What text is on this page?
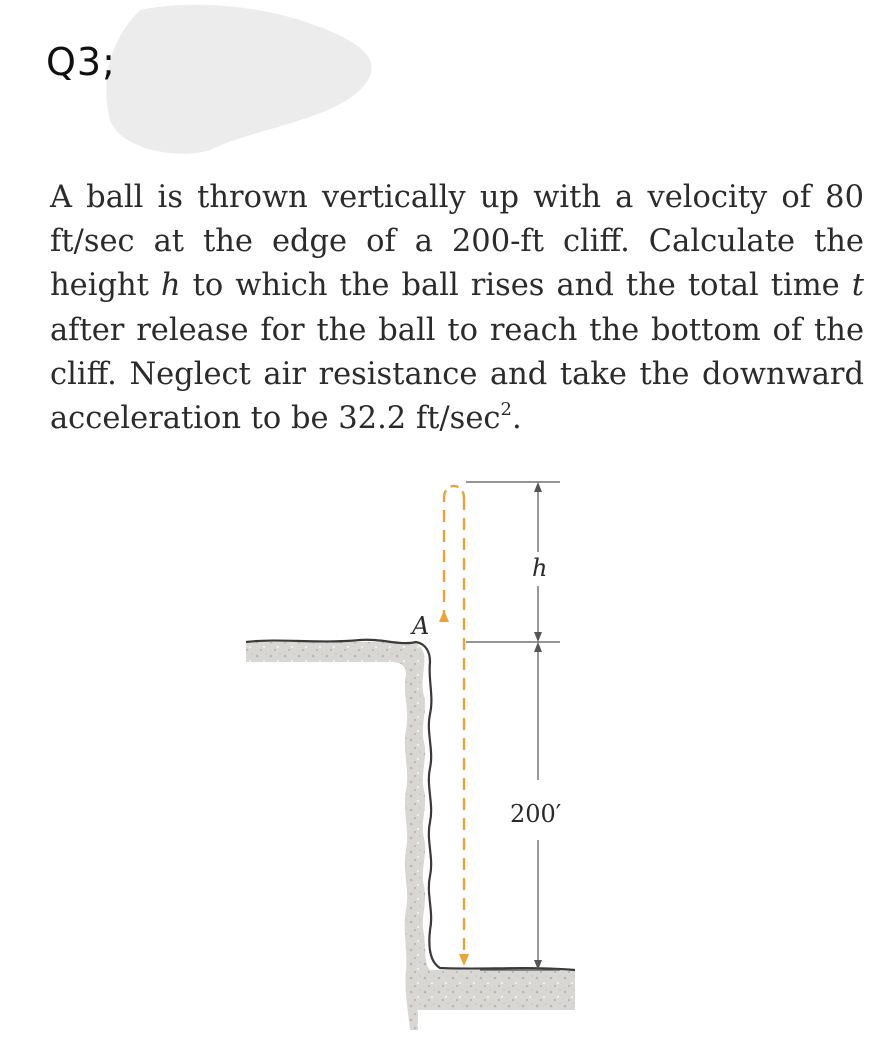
Q3;
A ball is thrown vertically up with a velocity of 80 ft/sec at the edge of a 200-ft cliff. Calculate the height h to which the ball rises and the total time t after release for the ball to reach the bottom of the cliff. Neglect air resistance and take the downward acceleration to be 32.2 $ft/\sec^2$.
A
h
200′
